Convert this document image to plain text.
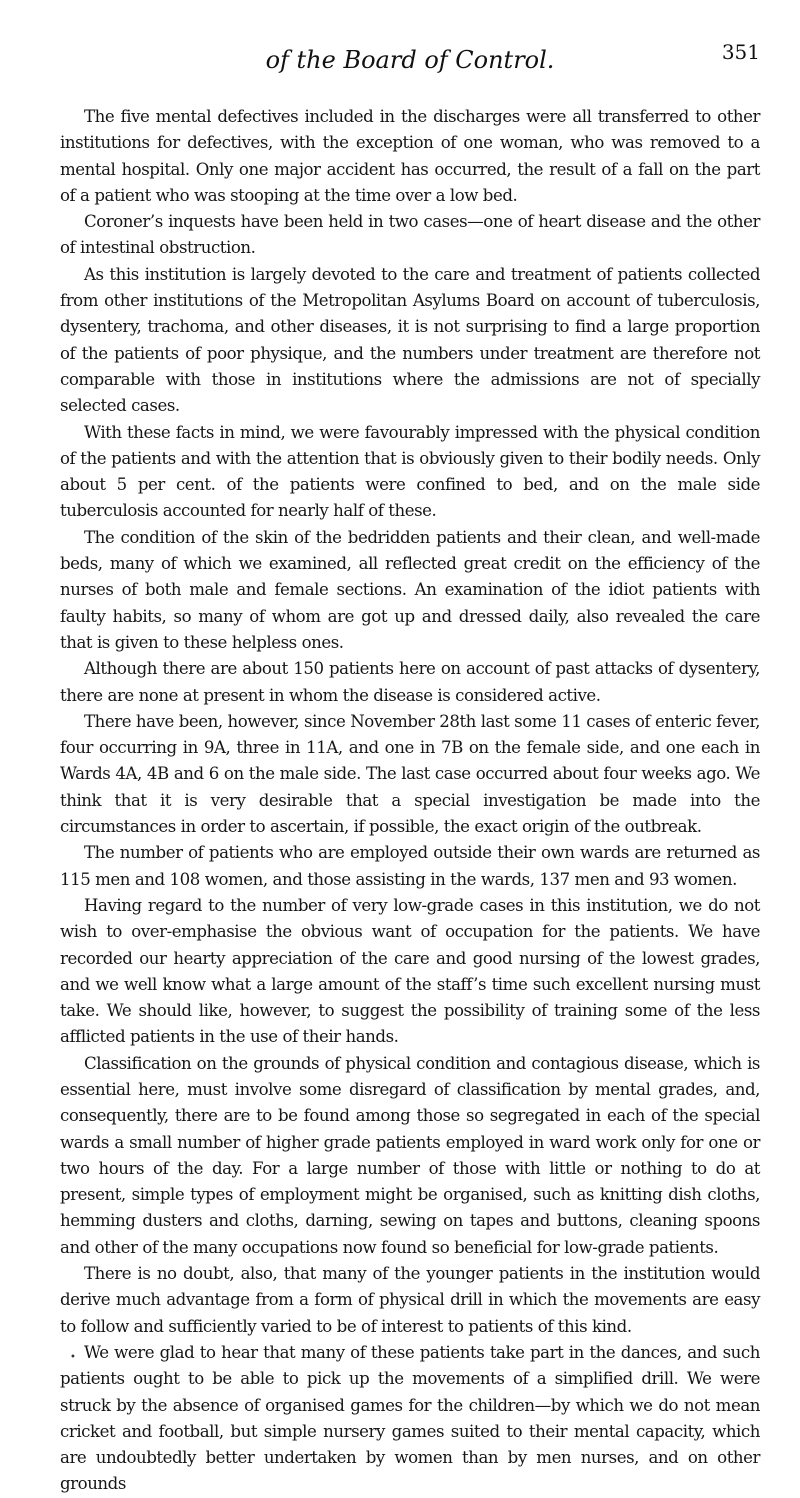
of the Board of Control.	351

The five mental defectives included in the discharges were all transferred to other institutions for defectives, with the exception of one woman, who was removed to a mental hospital. Only one major accident has occurred, the result of a fall on the part of a patient who was stooping at the time over a low bed.

Coroner’s inquests have been held in two cases—one of heart disease and the other of intestinal obstruction.

As this institution is largely devoted to the care and treatment of patients collected from other institutions of the Metropolitan Asylums Board on account of tuberculosis, dysentery, trachoma, and other diseases, it is not surprising to find a large proportion of the patients of poor physique, and the numbers under treatment are therefore not comparable with those in institutions where the admissions are not of specially selected cases.

With these facts in mind, we were favourably impressed with the physical condition of the patients and with the attention that is obviously given to their bodily needs. Only about 5 per cent. of the patients were confined to bed, and on the male side tuberculosis accounted for nearly half of these.

The condition of the skin of the bedridden patients and their clean, and well-made beds, many of which we examined, all reflected great credit on the efficiency of the nurses of both male and female sections. An examination of the idiot patients with faulty habits, so many of whom are got up and dressed daily, also revealed the care that is given to these helpless ones.

Although there are about 150 patients here on account of past attacks of dysentery, there are none at present in whom the disease is considered active.

There have been, however, since November 28th last some 11 cases of enteric fever, four occurring in 9A, three in 11A, and one in 7B on the female side, and one each in Wards 4A, 4B and 6 on the male side. The last case occurred about four weeks ago. We think that it is very desirable that a special investigation be made into the circumstances in order to ascertain, if possible, the exact origin of the outbreak.

The number of patients who are employed outside their own wards are returned as 115 men and 108 women, and those assisting in the wards, 137 men and 93 women.

Having regard to the number of very low-grade cases in this institution, we do not wish to over-emphasise the obvious want of occupation for the patients. We have recorded our hearty appreciation of the care and good nursing of the lowest grades, and we well know what a large amount of the staff’s time such excellent nursing must take. We should like, however, to suggest the possibility of training some of the less afflicted patients in the use of their hands.

Classification on the grounds of physical condition and contagious disease, which is essential here, must involve some disregard of classification by mental grades, and, consequently, there are to be found among those so segregated in each of the special wards a small number of higher grade patients employed in ward work only for one or two hours of the day. For a large number of those with little or nothing to do at present, simple types of employment might be organised, such as knitting dish cloths, hemming dusters and cloths, darning, sewing on tapes and buttons, cleaning spoons and other of the many occupations now found so beneficial for low-grade patients.

There is no doubt, also, that many of the younger patients in the institution would derive much advantage from a form of physical drill in which the movements are easy to follow and sufficiently varied to be of interest to patients of this kind.

We were glad to hear that many of these patients take part in the dances, and such patients ought to be able to pick up the movements of a simplified drill. We were struck by the absence of organised games for the children—by which we do not mean cricket and football, but simple nursery games suited to their mental capacity, which are undoubtedly better undertaken by women than by men nurses, and on other grounds

•
